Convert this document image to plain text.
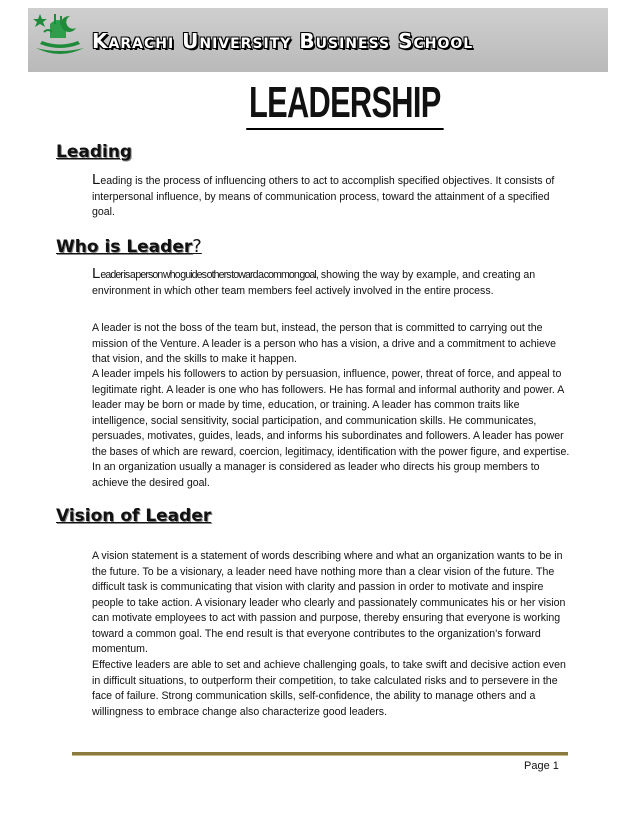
Karachi University Business School
LEADERSHIP
Leading
Leading is the process of influencing others to act to accomplish specified objectives. It consists of interpersonal influence, by means of communication process, toward the attainment of a specified goal.
Who is Leader?
Leader is a person who guides others toward a common goal, showing the way by example, and creating an environment in which other team members feel actively involved in the entire process.
A leader is not the boss of the team but, instead, the person that is committed to carrying out the mission of the Venture. A leader is a person who has a vision, a drive and a commitment to achieve that vision, and the skills to make it happen.
A leader impels his followers to action by persuasion, influence, power, threat of force, and appeal to legitimate right. A leader is one who has followers. He has formal and informal authority and power. A leader may be born or made by time, education, or training. A leader has common traits like intelligence, social sensitivity, social participation, and communication skills. He communicates, persuades, motivates, guides, leads, and informs his subordinates and followers. A leader has power the bases of which are reward, coercion, legitimacy, identification with the power figure, and expertise. In an organization usually a manager is considered as leader who directs his group members to achieve the desired goal.
Vision of Leader
A vision statement is a statement of words describing where and what an organization wants to be in the future. To be a visionary, a leader need have nothing more than a clear vision of the future. The difficult task is communicating that vision with clarity and passion in order to motivate and inspire people to take action. A visionary leader who clearly and passionately communicates his or her vision can motivate employees to act with passion and purpose, thereby ensuring that everyone is working toward a common goal. The end result is that everyone contributes to the organization's forward momentum.
Effective leaders are able to set and achieve challenging goals, to take swift and decisive action even in difficult situations, to outperform their competition, to take calculated risks and to persevere in the face of failure. Strong communication skills, self-confidence, the ability to manage others and a willingness to embrace change also characterize good leaders.
Page 1
